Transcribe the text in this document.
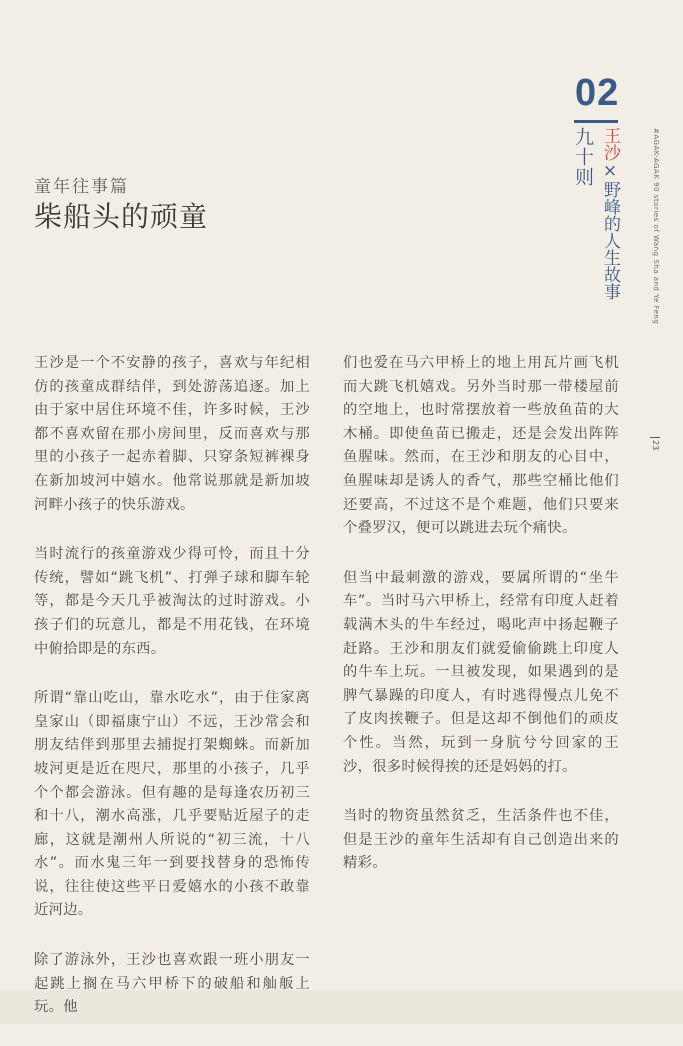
02
九十则 王沙×野峰的人生故事	#AGAK-AGAK 90 stories of Wang Sha and Ye Feng
23
童年往事篇
柴船头的顽童

王沙是一个不安静的孩子，喜欢与年纪相仿的孩童成群结伴，到处游荡追逐。加上由于家中居住环境不佳，许多时候，王沙都不喜欢留在那小房间里，反而喜欢与那里的小孩子一起赤着脚、只穿条短裤裸身在新加坡河中嬉水。他常说那就是新加坡河畔小孩子的快乐游戏。

当时流行的孩童游戏少得可怜，而且十分传统，譬如“跳飞机”、打弹子球和脚车轮等，都是今天几乎被淘汰的过时游戏。小孩子们的玩意儿，都是不用花钱，在环境中俯拾即是的东西。

所谓“靠山吃山，靠水吃水”，由于住家离皇家山（即福康宁山）不远，王沙常会和朋友结伴到那里去捕捉打架蜘蛛。而新加坡河更是近在咫尺，那里的小孩子，几乎个个都会游泳。但有趣的是每逢农历初三和十八，潮水高涨，几乎要贴近屋子的走廊，这就是潮州人所说的“初三流，十八水”。而水鬼三年一到要找替身的恐怖传说，往往使这些平日爱嬉水的小孩不敢靠近河边。

除了游泳外，王沙也喜欢跟一班小朋友一起跳上搁在马六甲桥下的破船和舢舨上玩。他

们也爱在马六甲桥上的地上用瓦片画飞机而大跳飞机嬉戏。另外当时那一带楼屋前的空地上，也时常摆放着一些放鱼苗的大木桶。即使鱼苗已搬走，还是会发出阵阵鱼腥味。然而，在王沙和朋友的心目中，鱼腥味却是诱人的香气，那些空桶比他们还要高，不过这不是个难题，他们只要来个叠罗汉，便可以跳进去玩个痛快。

但当中最刺激的游戏，要属所谓的“坐牛车”。当时马六甲桥上，经常有印度人赶着载满木头的牛车经过，喝叱声中扬起鞭子赶路。王沙和朋友们就爱偷偷跳上印度人的牛车上玩。一旦被发现，如果遇到的是脾气暴躁的印度人，有时逃得慢点儿免不了皮肉挨鞭子。但是这却不倒他们的顽皮个性。当然，玩到一身肮兮兮回家的王沙，很多时候得挨的还是妈妈的打。

当时的物资虽然贫乏，生活条件也不佳，但是王沙的童年生活却有自己创造出来的精彩。
